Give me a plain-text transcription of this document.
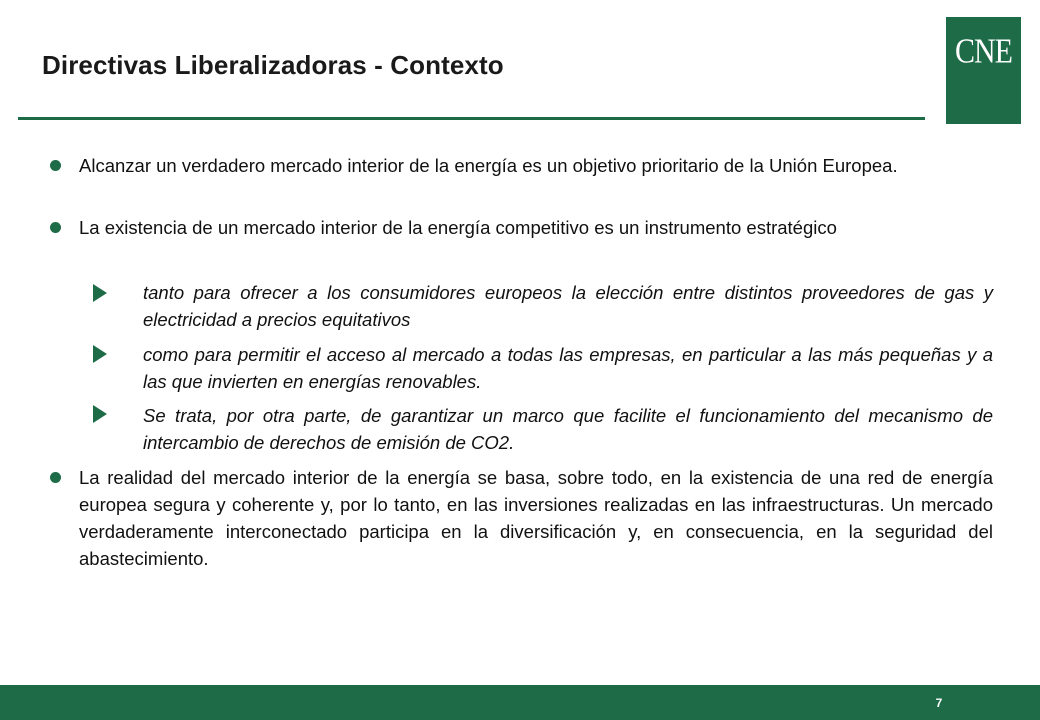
Directivas Liberalizadoras - Contexto	CNE
Alcanzar un verdadero mercado interior de la energía es un objetivo prioritario de la Unión Europea.
La existencia de un mercado interior de la energía competitivo es un instrumento estratégico
tanto para ofrecer a los consumidores europeos la elección entre distintos proveedores de gas y electricidad a precios equitativos
como para permitir el acceso al mercado a todas las empresas, en particular a las más pequeñas y a las que invierten en energías renovables.
Se trata, por otra parte, de garantizar un marco que facilite el funcionamiento del mecanismo de intercambio de derechos de emisión de CO2.
La realidad del mercado interior de la energía se basa, sobre todo, en la existencia de una red de energía europea segura y coherente y, por lo tanto, en las inversiones realizadas en las infraestructuras. Un mercado verdaderamente interconectado participa en la diversificación y, en consecuencia, en la seguridad del abastecimiento.
7
